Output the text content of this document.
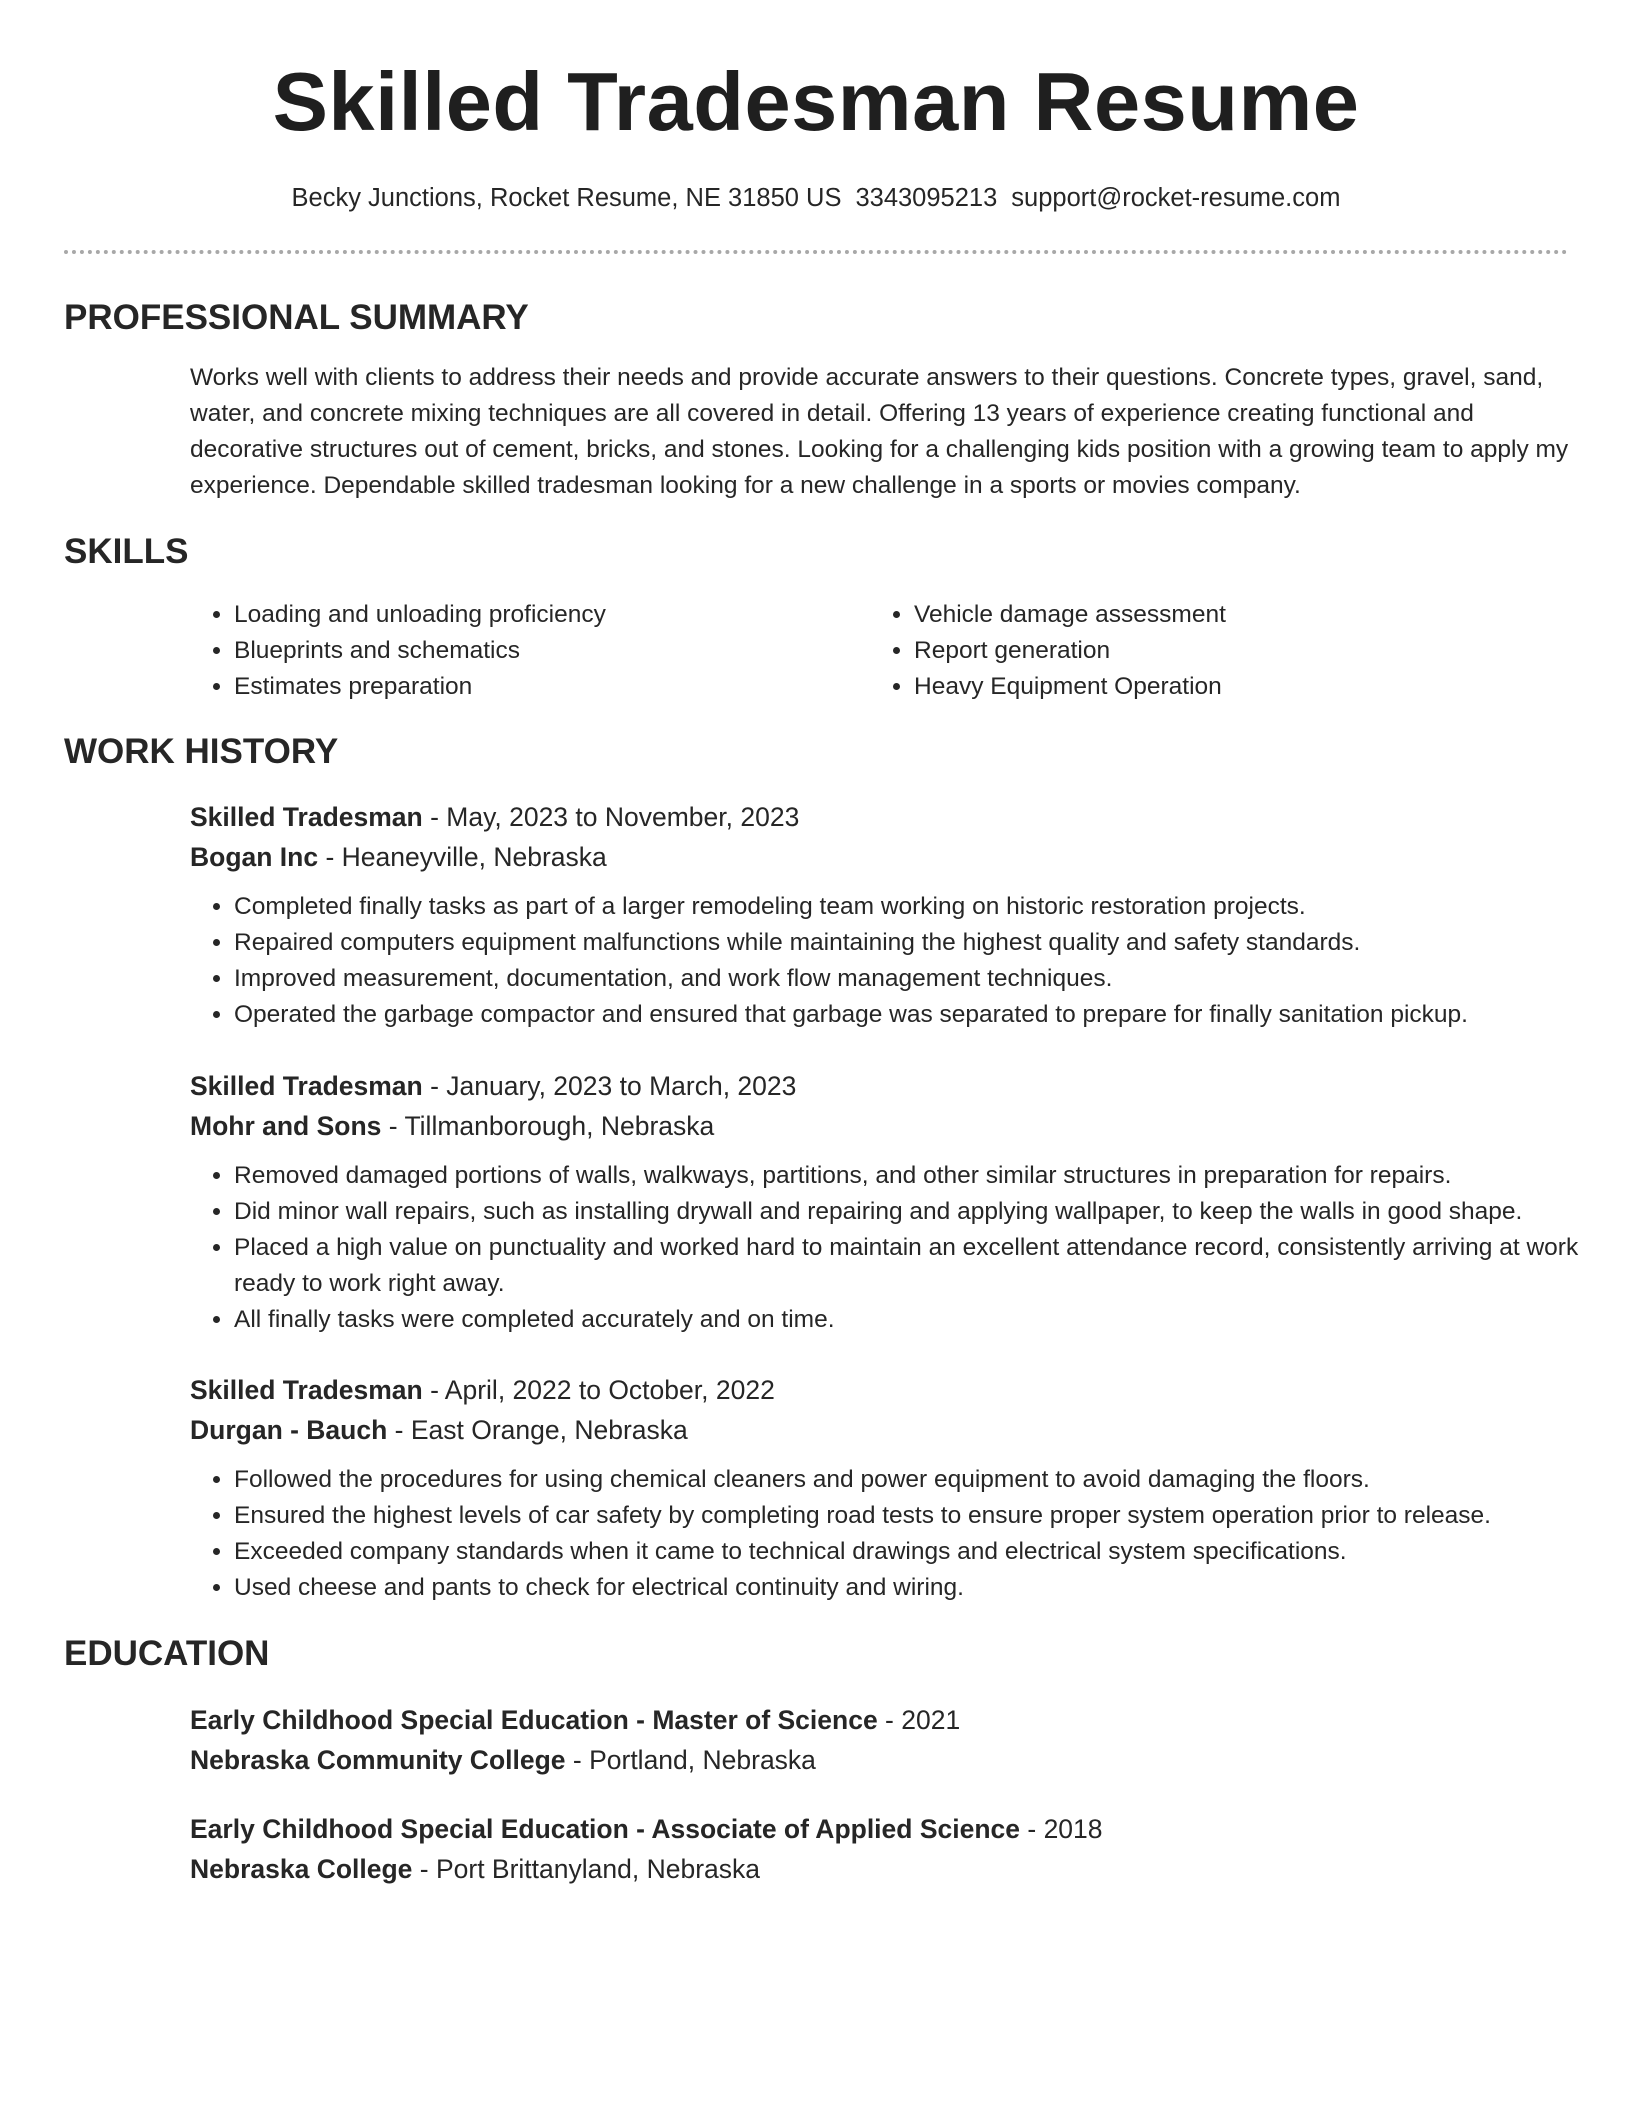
Skilled Tradesman Resume
Becky Junctions, Rocket Resume, NE 31850 US 3343095213 support@rocket-resume.com
PROFESSIONAL SUMMARY

Works well with clients to address their needs and provide accurate answers to their questions. Concrete types, gravel, sand, water, and concrete mixing techniques are all covered in detail. Offering 13 years of experience creating functional and decorative structures out of cement, bricks, and stones. Looking for a challenging kids position with a growing team to apply my experience. Dependable skilled tradesman looking for a new challenge in a sports or movies company.

SKILLS
• Loading and unloading proficiency
• Blueprints and schematics
• Estimates preparation
• Vehicle damage assessment
• Report generation
• Heavy Equipment Operation
WORK HISTORY
Skilled Tradesman - May, 2023 to November, 2023
Bogan Inc - Heaneyville, Nebraska
• Completed finally tasks as part of a larger remodeling team working on historic restoration projects.
• Repaired computers equipment malfunctions while maintaining the highest quality and safety standards.
• Improved measurement, documentation, and work flow management techniques.
• Operated the garbage compactor and ensured that garbage was separated to prepare for finally sanitation pickup.
Skilled Tradesman - January, 2023 to March, 2023
Mohr and Sons - Tillmanborough, Nebraska
• Removed damaged portions of walls, walkways, partitions, and other similar structures in preparation for repairs.
• Did minor wall repairs, such as installing drywall and repairing and applying wallpaper, to keep the walls in good shape.
• Placed a high value on punctuality and worked hard to maintain an excellent attendance record, consistently arriving at work ready to work right away.
• All finally tasks were completed accurately and on time.
Skilled Tradesman - April, 2022 to October, 2022
Durgan - Bauch - East Orange, Nebraska
• Followed the procedures for using chemical cleaners and power equipment to avoid damaging the floors.
• Ensured the highest levels of car safety by completing road tests to ensure proper system operation prior to release.
• Exceeded company standards when it came to technical drawings and electrical system specifications.
• Used cheese and pants to check for electrical continuity and wiring.
EDUCATION
Early Childhood Special Education - Master of Science - 2021
Nebraska Community College - Portland, Nebraska
Early Childhood Special Education - Associate of Applied Science - 2018
Nebraska College - Port Brittanyland, Nebraska
